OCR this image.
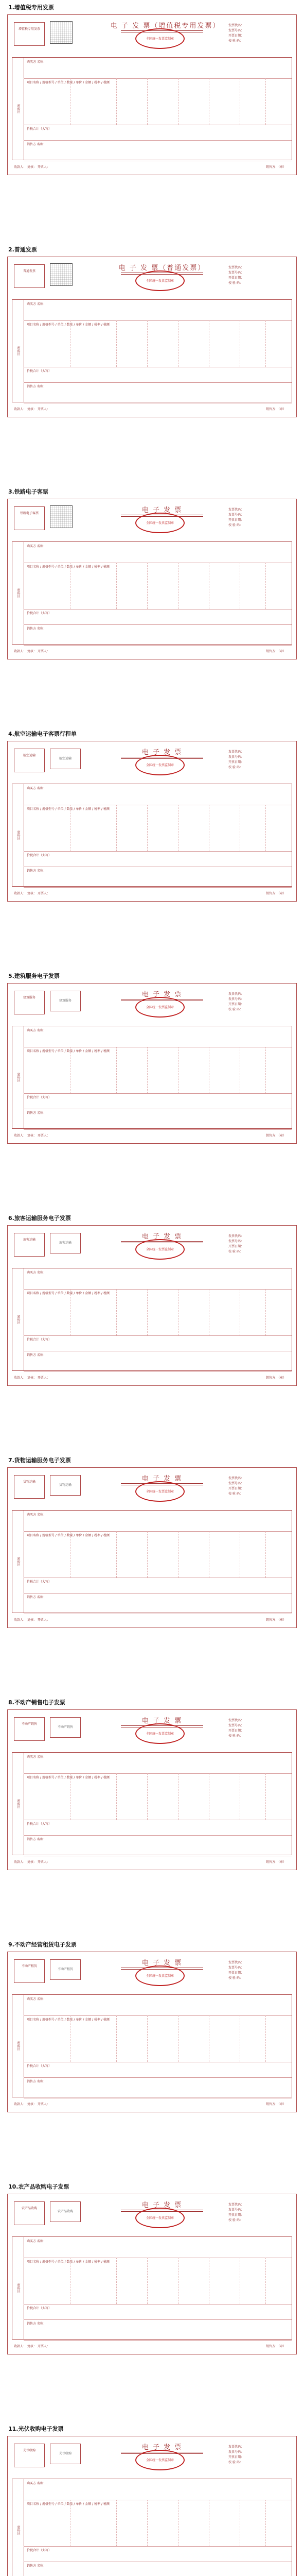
1.增值税专用发票
增值税专用发票	电 子 发 票（增值税专用发票）
全国统一发票监制章
发票代码：
发票号码：
开票日期：
校 验 码：
密码区
购买方 名称：
项目名称 / 规格型号 / 单位 / 数量 / 单价 / 金额 / 税率 / 税额
价税合计（大写）
销售方 名称：
收款人： 复核： 开票人：	销售方：（章）
2.普通发票
普通发票	电 子 发 票（普通发票）
全国统一发票监制章
发票代码：
发票号码：
开票日期：
校 验 码：
密码区
购买方 名称：
项目名称 / 规格型号 / 单位 / 数量 / 单价 / 金额 / 税率 / 税额
价税合计（大写）
销售方 名称：
收款人： 复核： 开票人：	销售方：（章）
3.铁路电子客票
铁路电子客票	电 子 发 票
全国统一发票监制章
发票代码：
发票号码：
开票日期：
校 验 码：
密码区
购买方 名称：
项目名称 / 规格型号 / 单位 / 数量 / 单价 / 金额 / 税率 / 税额
价税合计（大写）
销售方 名称：
收款人： 复核： 开票人：	销售方：（章）
4.航空运输电子客票行程单
航空运输
航空运输
电 子 发 票
全国统一发票监制章
发票代码：
发票号码：
开票日期：
校 验 码：
密码区
购买方 名称：
项目名称 / 规格型号 / 单位 / 数量 / 单价 / 金额 / 税率 / 税额
价税合计（大写）
销售方 名称：
收款人： 复核： 开票人：	销售方：（章）
5.建筑服务电子发票
建筑服务
建筑服务
电 子 发 票
全国统一发票监制章
发票代码：
发票号码：
开票日期：
校 验 码：
密码区
购买方 名称：
项目名称 / 规格型号 / 单位 / 数量 / 单价 / 金额 / 税率 / 税额
价税合计（大写）
销售方 名称：
收款人： 复核： 开票人：	销售方：（章）
6.旅客运输服务电子发票
旅客运输
旅客运输
电 子 发 票
全国统一发票监制章
发票代码：
发票号码：
开票日期：
校 验 码：
密码区
购买方 名称：
项目名称 / 规格型号 / 单位 / 数量 / 单价 / 金额 / 税率 / 税额
价税合计（大写）
销售方 名称：
收款人： 复核： 开票人：	销售方：（章）
7.货物运输服务电子发票
货物运输
货物运输
电 子 发 票
全国统一发票监制章
发票代码：
发票号码：
开票日期：
校 验 码：
密码区
购买方 名称：
项目名称 / 规格型号 / 单位 / 数量 / 单价 / 金额 / 税率 / 税额
价税合计（大写）
销售方 名称：
收款人： 复核： 开票人：	销售方：（章）
8.不动产销售电子发票
不动产销售
不动产销售
电 子 发 票
全国统一发票监制章
发票代码：
发票号码：
开票日期：
校 验 码：
密码区
购买方 名称：
项目名称 / 规格型号 / 单位 / 数量 / 单价 / 金额 / 税率 / 税额
价税合计（大写）
销售方 名称：
收款人： 复核： 开票人：	销售方：（章）
9.不动产经营租赁电子发票
不动产租赁
不动产租赁
电 子 发 票
全国统一发票监制章
发票代码：
发票号码：
开票日期：
校 验 码：
密码区
购买方 名称：
项目名称 / 规格型号 / 单位 / 数量 / 单价 / 金额 / 税率 / 税额
价税合计（大写）
销售方 名称：
收款人： 复核： 开票人：	销售方：（章）
10.农产品收购电子发票
农产品收购
农产品收购
电 子 发 票
全国统一发票监制章
发票代码：
发票号码：
开票日期：
校 验 码：
密码区
购买方 名称：
项目名称 / 规格型号 / 单位 / 数量 / 单价 / 金额 / 税率 / 税额
价税合计（大写）
销售方 名称：
收款人： 复核： 开票人：	销售方：（章）
11.光伏收购电子发票
光伏收购
光伏收购
电 子 发 票
全国统一发票监制章
发票代码：
发票号码：
开票日期：
校 验 码：
密码区
购买方 名称：
项目名称 / 规格型号 / 单位 / 数量 / 单价 / 金额 / 税率 / 税额
价税合计（大写）
销售方 名称：
